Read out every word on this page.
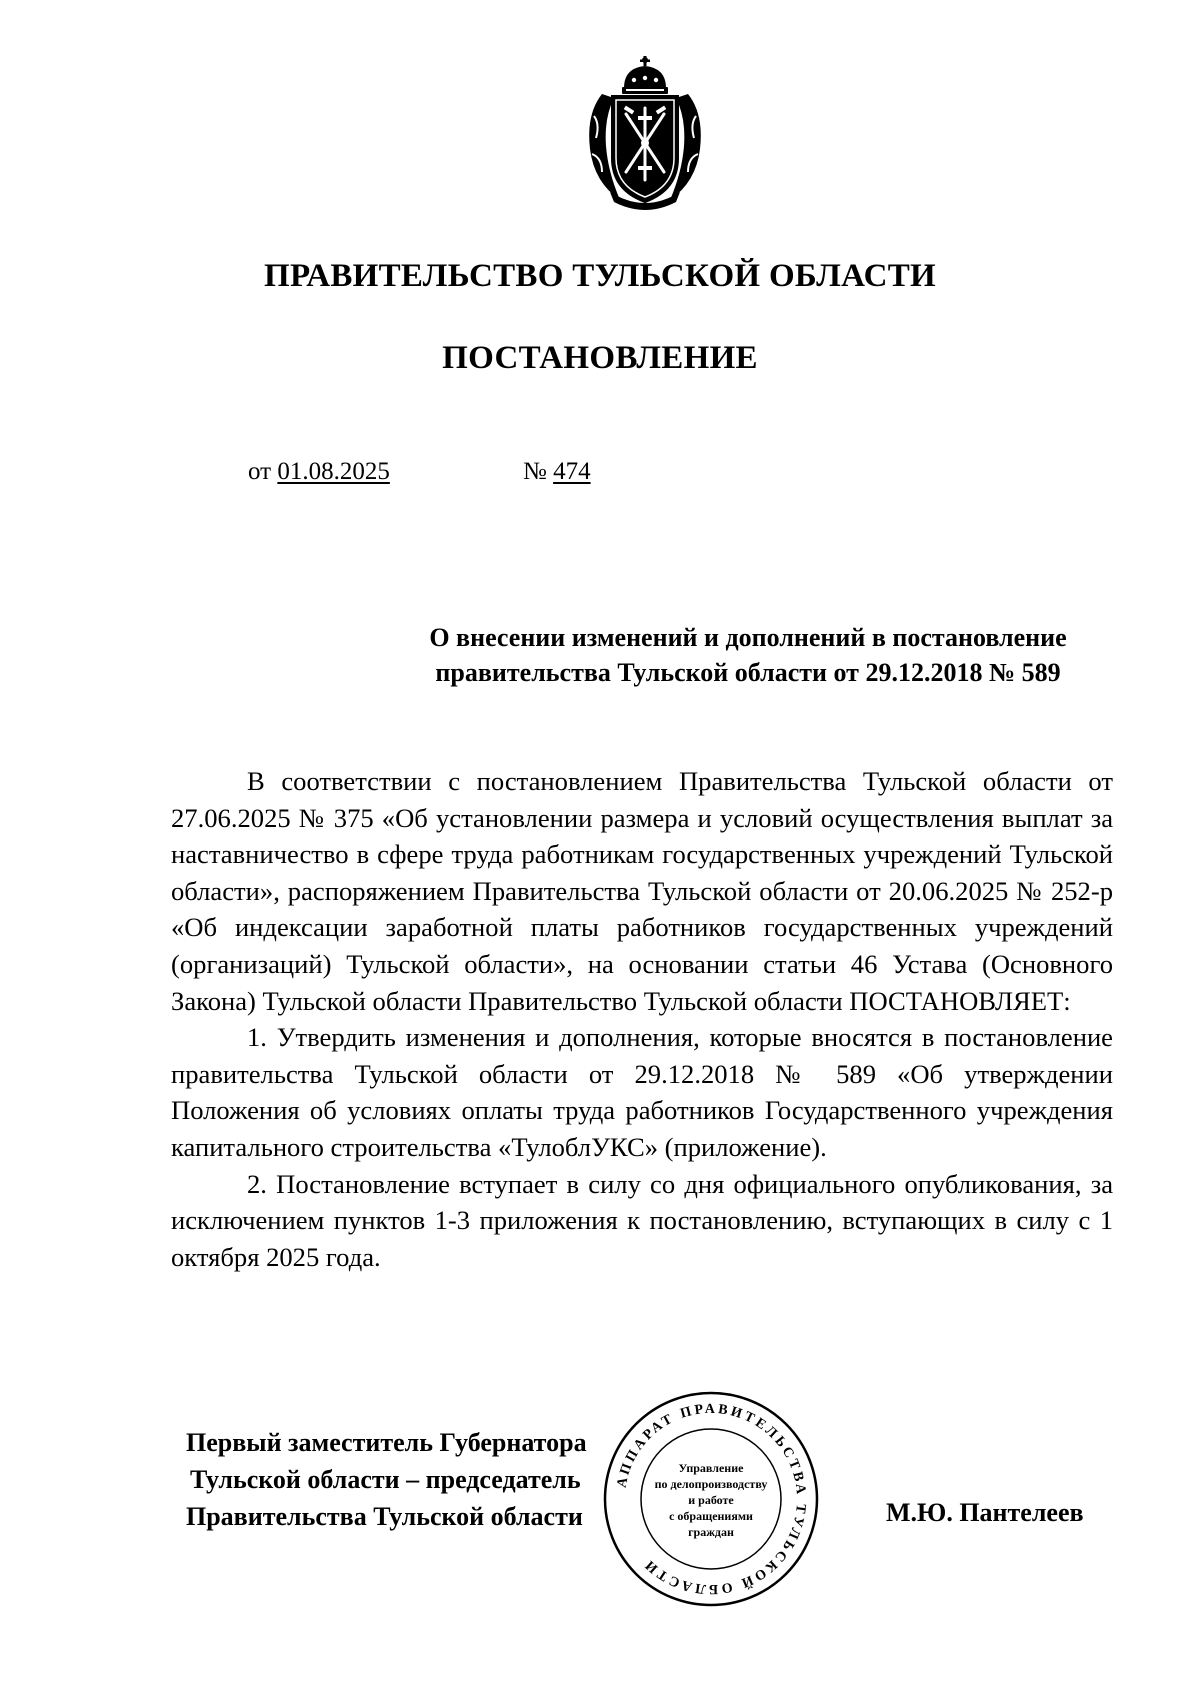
ПРАВИТЕЛЬСТВО ТУЛЬСКОЙ ОБЛАСТИ
ПОСТАНОВЛЕНИЕ
от 01.08.2025	№ 474
О внесении изменений и дополнений в постановление
правительства Тульской области от 29.12.2018 № 589

В соответствии с постановлением Правительства Тульской области от 27.06.2025 № 375 «Об установлении размера и условий осуществления выплат за наставничество в сфере труда работникам государственных учреждений Тульской области», распоряжением Правительства Тульской области от 20.06.2025 № 252-р «Об индексации заработной платы работников государственных учреждений (организаций) Тульской области», на основании статьи 46 Устава (Основного Закона) Тульской области Правительство Тульской области ПОСТАНОВЛЯЕТ:

1. Утвердить изменения и дополнения, которые вносятся в постановление правительства Тульской области от 29.12.2018 № 589 «Об утверждении Положения об условиях оплаты труда работников Государственного учреждения капитального строительства «ТулоблУКС» (приложение).

2. Постановление вступает в силу со дня официального опубликования, за исключением пунктов 1-3 приложения к постановлению, вступающих в силу с 1 октября 2025 года.

Первый заместитель Губернатора
Тульской области – председатель
Правительства Тульской области	М.Ю. Пантелеев
АППАРАТ ПРАВИТЕЛЬСТВА ТУЛЬСКОЙ ОБЛАСТИ
Управление
по делопроизводству
и работе
с обращениями
граждан
